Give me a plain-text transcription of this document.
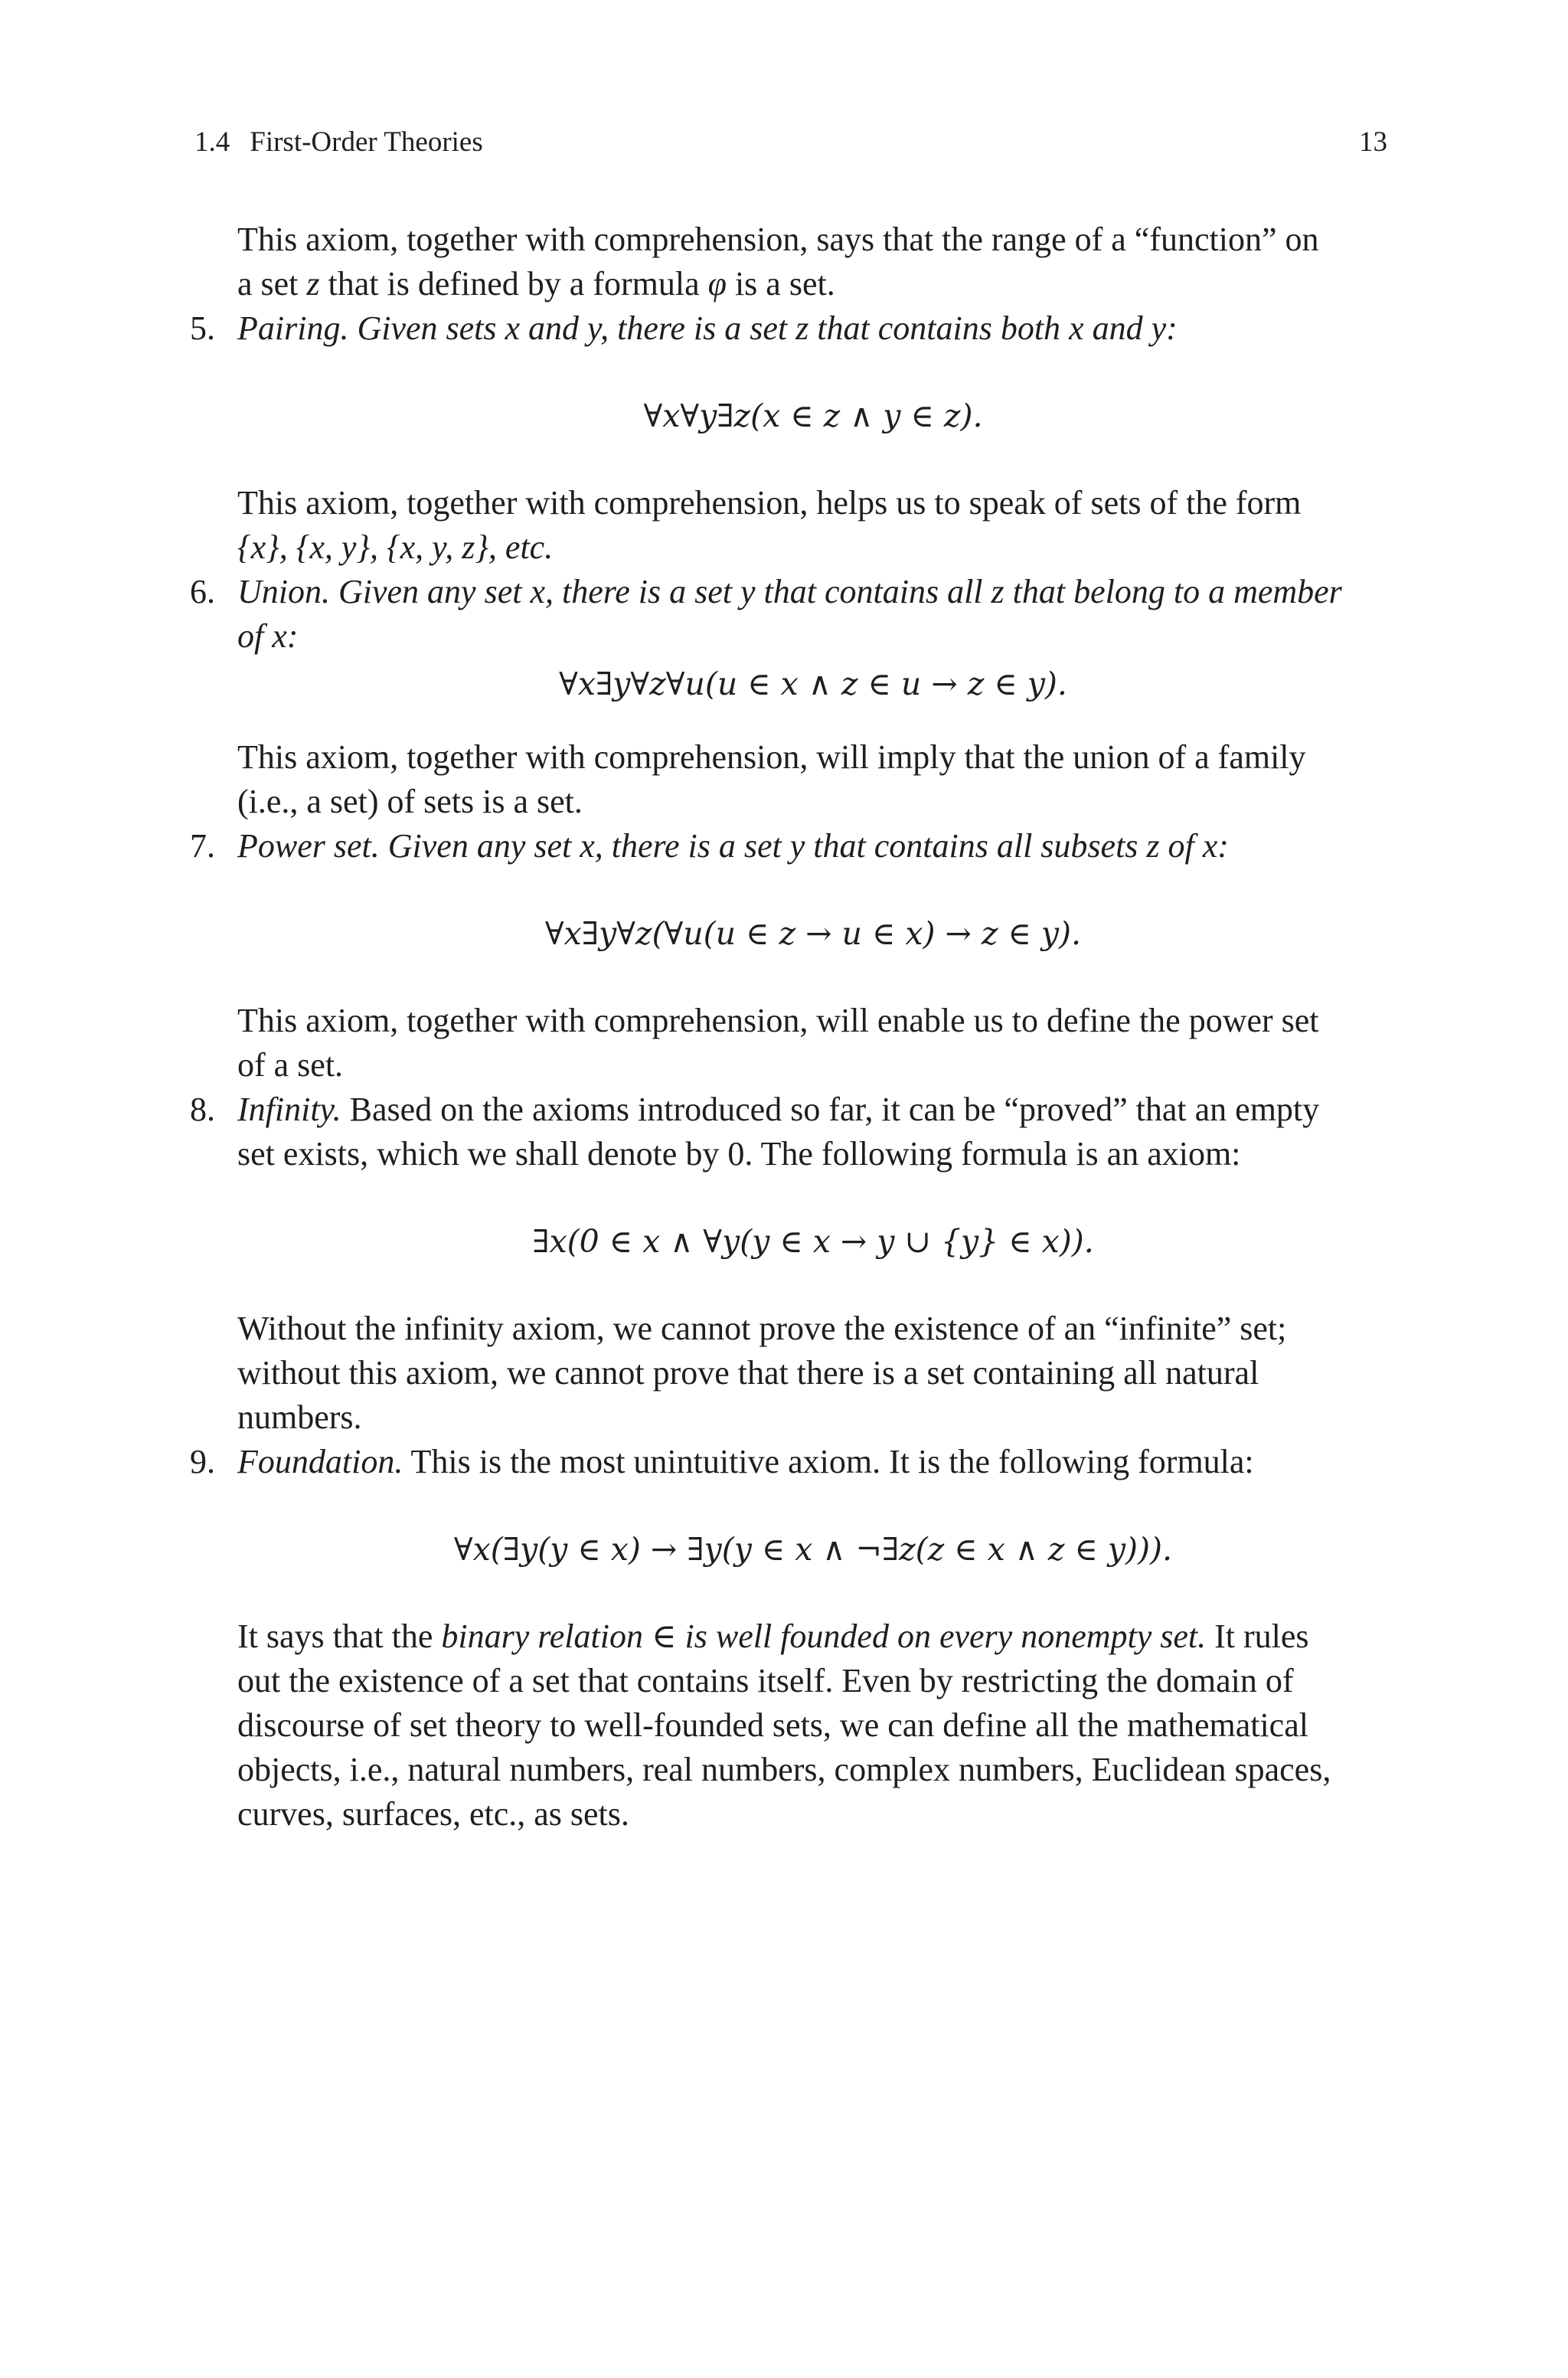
1.4 First-Order Theories	13

This axiom, together with comprehension, says that the range of a “function” on
a set z that is defined by a formula φ is a set.

5. Pairing. Given sets x and y, there is a set z that contains both x and y:

∀x∀y∃z(x ∈ z ∧ y ∈ z).

This axiom, together with comprehension, helps us to speak of sets of the form
{x}, {x, y}, {x, y, z}, etc.

6. Union. Given any set x, there is a set y that contains all z that belong to a member
of x:

∀x∃y∀z∀u(u ∈ x ∧ z ∈ u → z ∈ y).

This axiom, together with comprehension, will imply that the union of a family
(i.e., a set) of sets is a set.

7. Power set. Given any set x, there is a set y that contains all subsets z of x:

∀x∃y∀z(∀u(u ∈ z → u ∈ x) → z ∈ y).

This axiom, together with comprehension, will enable us to define the power set
of a set.

8. Infinity. Based on the axioms introduced so far, it can be “proved” that an empty
set exists, which we shall denote by 0. The following formula is an axiom:

∃x(0 ∈ x ∧ ∀y(y ∈ x → y ∪ {y} ∈ x)).

Without the infinity axiom, we cannot prove the existence of an “infinite” set;
without this axiom, we cannot prove that there is a set containing all natural
numbers.

9. Foundation. This is the most unintuitive axiom. It is the following formula:

∀x(∃y(y ∈ x) → ∃y(y ∈ x ∧ ¬∃z(z ∈ x ∧ z ∈ y))).

It says that the binary relation ∈ is well founded on every nonempty set. It rules
out the existence of a set that contains itself. Even by restricting the domain of
discourse of set theory to well-founded sets, we can define all the mathematical
objects, i.e., natural numbers, real numbers, complex numbers, Euclidean spaces,
curves, surfaces, etc., as sets.
